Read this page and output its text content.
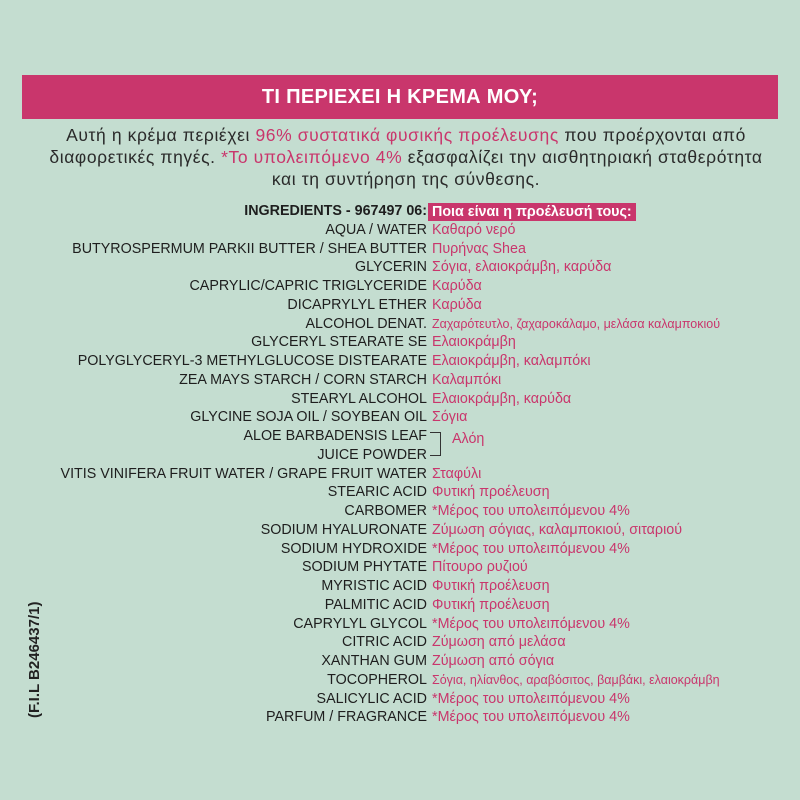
ΤΙ ΠΕΡΙΕΧΕΙ Η ΚΡΕΜΑ ΜΟΥ;
Αυτή η κρέμα περιέχει 96% συστατικά φυσικής προέλευσης που προέρχονται από διαφορετικές πηγές. *Το υπολειπόμενο 4% εξασφαλίζει την αισθητηριακή σταθερότητα και τη συντήρηση της σύνθεσης.
(F.I.L B246437/1)
INGREDIENTS - 967497 06: Ποια είναι η προέλευσή τους:
AQUA / WATER Καθαρό νερό
BUTYROSPERMUM PARKII BUTTER / SHEA BUTTER Πυρήνας Shea
GLYCERIN Σόγια, ελαιοκράμβη, καρύδα
CAPRYLIC/CAPRIC TRIGLYCERIDE Καρύδα
DICAPRYLYL ETHER Καρύδα
ALCOHOL DENAT. Ζαχαρότευτλο, ζαχαροκάλαμο, μελάσα καλαμποκιού
GLYCERYL STEARATE SE Ελαιοκράμβη
POLYGLYCERYL-3 METHYLGLUCOSE DISTEARATE Ελαιοκράμβη, καλαμπόκι
ZEA MAYS STARCH / CORN STARCH Καλαμπόκι
STEARYL ALCOHOL Ελαιοκράμβη, καρύδα
GLYCINE SOJA OIL / SOYBEAN OIL Σόγια
ALOE BARBADENSIS LEAF Αλόη
JUICE POWDER
VITIS VINIFERA FRUIT WATER / GRAPE FRUIT WATER Σταφύλι
STEARIC ACID Φυτική προέλευση
CARBOMER *Μέρος του υπολειπόμενου 4%
SODIUM HYALURONATE Ζύμωση σόγιας, καλαμποκιού, σιταριού
SODIUM HYDROXIDE *Μέρος του υπολειπόμενου 4%
SODIUM PHYTATE Πίτουρο ρυζιού
MYRISTIC ACID Φυτική προέλευση
PALMITIC ACID Φυτική προέλευση
CAPRYLYL GLYCOL *Μέρος του υπολειπόμενου 4%
CITRIC ACID Ζύμωση από μελάσα
XANTHAN GUM Ζύμωση από σόγια
TOCOPHEROL Σόγια, ηλίανθος, αραβόσιτος, βαμβάκι, ελαιοκράμβη
SALICYLIC ACID *Μέρος του υπολειπόμενου 4%
PARFUM / FRAGRANCE *Μέρος του υπολειπόμενου 4%
